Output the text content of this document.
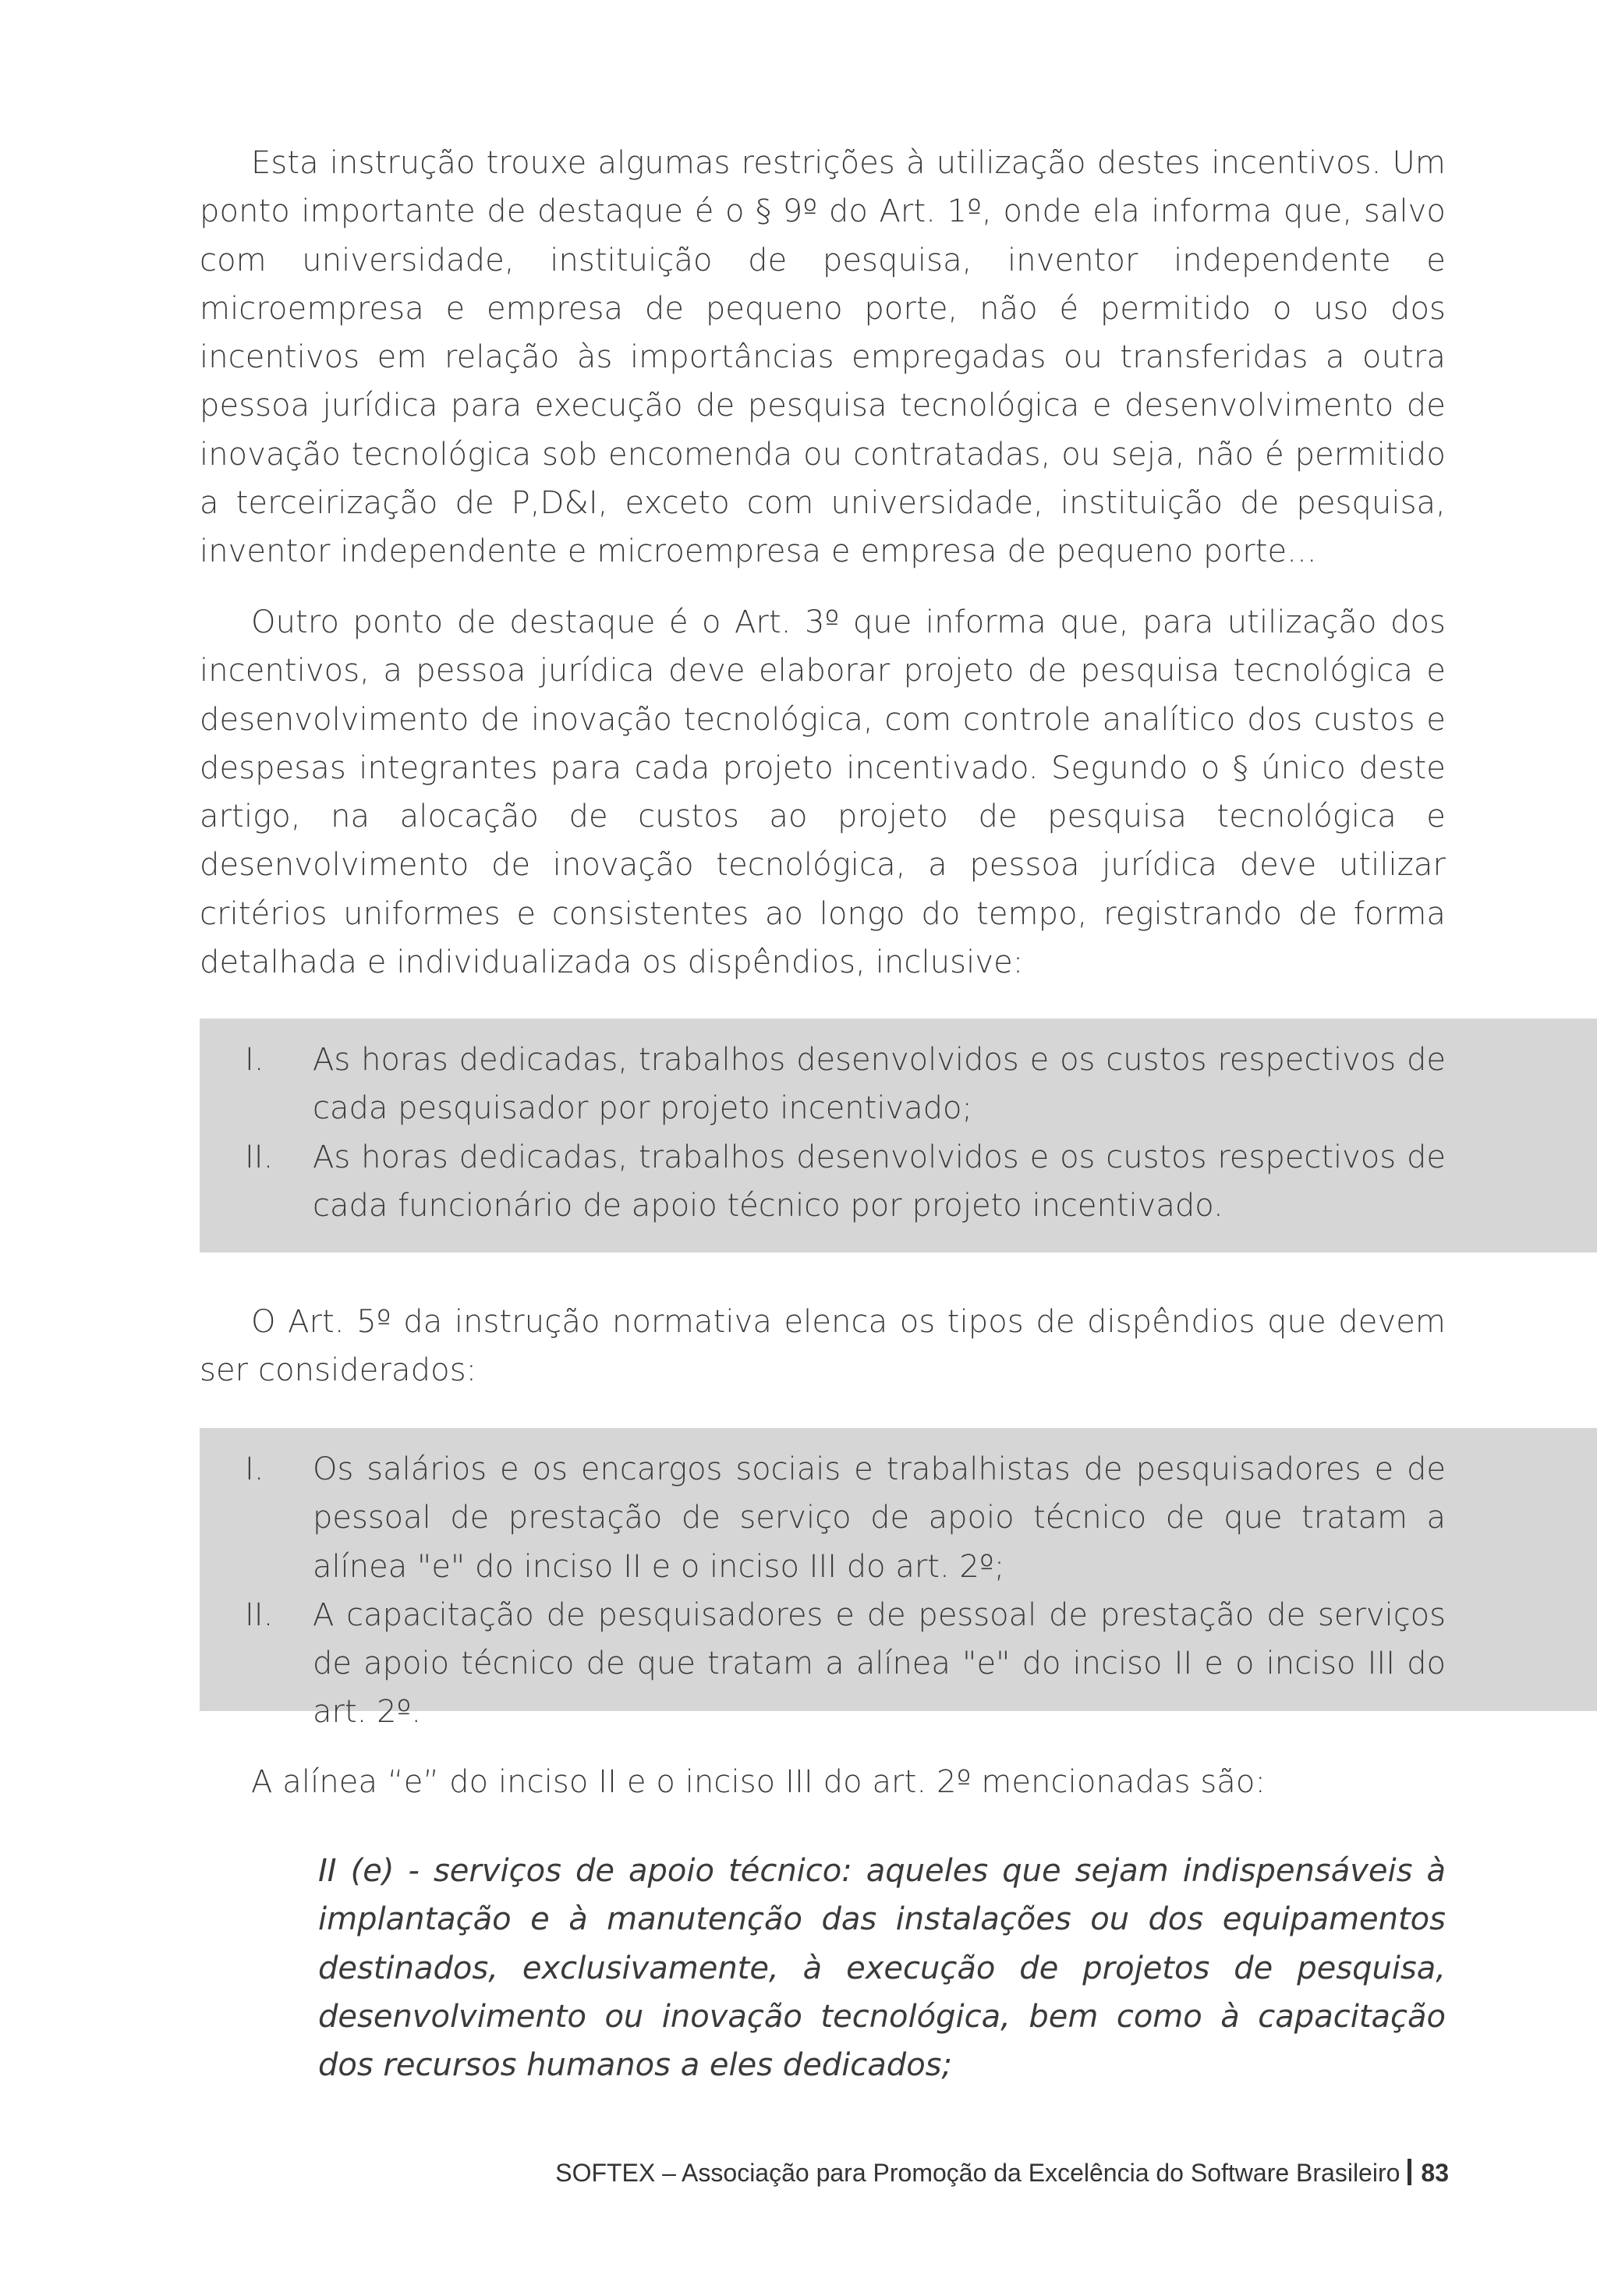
Esta instrução trouxe algumas restrições à utilização destes incentivos. Um ponto importante de destaque é o § 9º do Art. 1º, onde ela informa que, salvo com universidade, instituição de pesquisa, inventor independente e microempresa e empresa de pequeno porte, não é permitido o uso dos incentivos em relação às importâncias empregadas ou transferidas a outra pessoa jurídica para execução de pesquisa tecnológica e desenvolvimento de inovação tecnológica sob encomenda ou contratadas, ou seja, não é permitido a terceirização de P,D&I, exceto com universidade, instituição de pesquisa, inventor independente e microempresa e empresa de pequeno porte...

Outro ponto de destaque é o Art. 3º que informa que, para utilização dos incentivos, a pessoa jurídica deve elaborar projeto de pesquisa tecnológica e desenvolvimento de inovação tecnológica, com controle analítico dos custos e despesas integrantes para cada projeto incentivado. Segundo o § único deste artigo, na alocação de custos ao projeto de pesquisa tecnológica e desenvolvimento de inovação tecnológica, a pessoa jurídica deve utilizar critérios uniformes e consistentes ao longo do tempo, registrando de forma detalhada e individualizada os dispêndios, inclusive:

I. As horas dedicadas, trabalhos desenvolvidos e os custos respectivos de cada pesquisador por projeto incentivado;
II. As horas dedicadas, trabalhos desenvolvidos e os custos respectivos de cada funcionário de apoio técnico por projeto incentivado.

O Art. 5º da instrução normativa elenca os tipos de dispêndios que devem ser considerados:

I. Os salários e os encargos sociais e trabalhistas de pesquisadores e de pessoal de prestação de serviço de apoio técnico de que tratam a alínea "e" do inciso II e o inciso III do art. 2º;
II. A capacitação de pesquisadores e de pessoal de prestação de serviços de apoio técnico de que tratam a alínea "e" do inciso II e o inciso III do art. 2º.

A alínea “e” do inciso II e o inciso III do art. 2º mencionadas são:

II (e) - serviços de apoio técnico: aqueles que sejam indispensáveis à implantação e à manutenção das instalações ou dos equipamentos destinados, exclusivamente, à execução de projetos de pesquisa, desenvolvimento ou inovação tecnológica, bem como à capacitação dos recursos humanos a eles dedicados;

SOFTEX – Associação para Promoção da Excelência do Software Brasileiro 83
